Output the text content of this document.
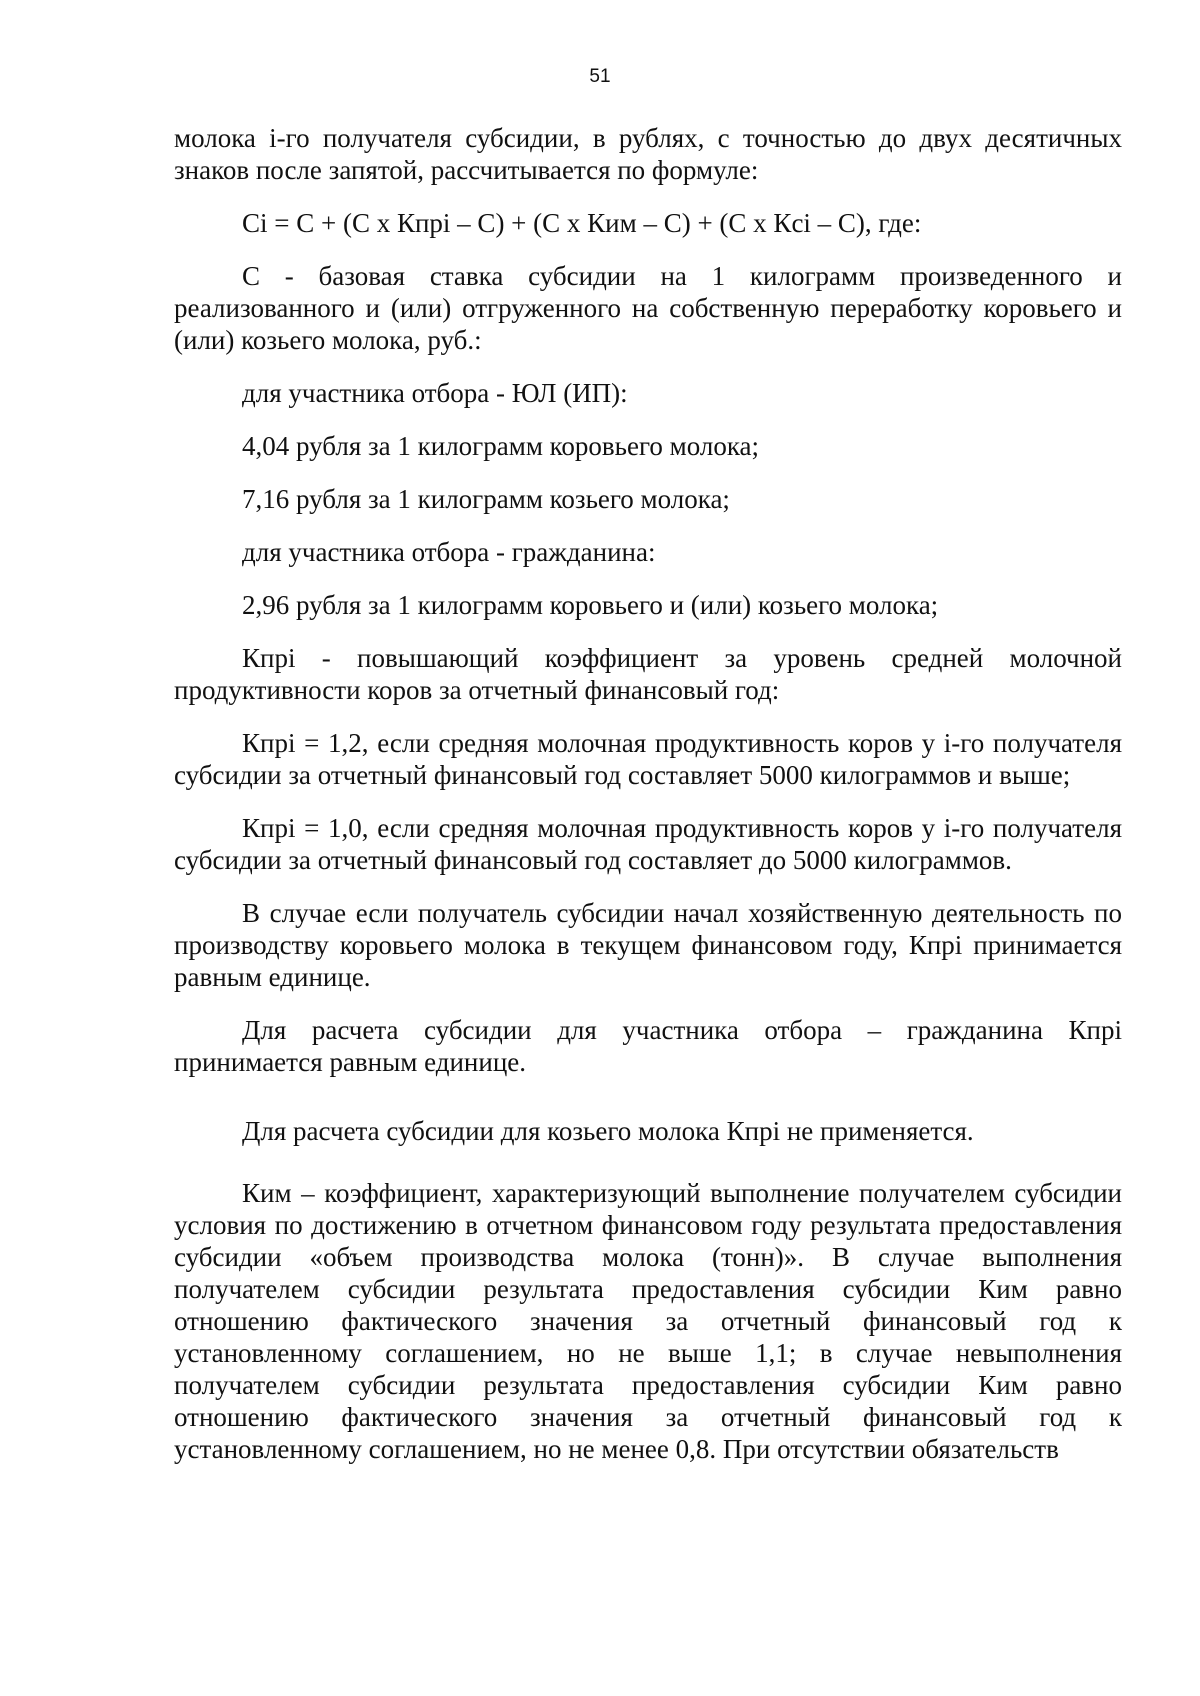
51

молока i-го получателя субсидии, в рублях, с точностью до двух десятичных знаков после запятой, рассчитывается по формуле:

Ci = C + (C x Кпрi – C) + (C x Ким – C) + (C x Кci – C), где:

C - базовая ставка субсидии на 1 килограмм произведенного и реализованного и (или) отгруженного на собственную переработку коровьего и (или) козьего молока, руб.:

для участника отбора - ЮЛ (ИП):

4,04 рубля за 1 килограмм коровьего молока;

7,16 рубля за 1 килограмм козьего молока;

для участника отбора - гражданина:

2,96 рубля за 1 килограмм коровьего и (или) козьего молока;

Кпрi - повышающий коэффициент за уровень средней молочной продуктивности коров за отчетный финансовый год:

Кпрi = 1,2, если средняя молочная продуктивность коров у i-го получателя субсидии за отчетный финансовый год составляет 5000 килограммов и выше;

Кпрi = 1,0, если средняя молочная продуктивность коров у i-го получателя субсидии за отчетный финансовый год составляет до 5000 килограммов.

В случае если получатель субсидии начал хозяйственную деятельность по производству коровьего молока в текущем финансовом году, Кпрi принимается равным единице.

Для расчета субсидии для участника отбора – гражданина Кпрi принимается равным единице.

Для расчета субсидии для козьего молока Кпрi не применяется.

Ким – коэффициент, характеризующий выполнение получателем субсидии условия по достижению в отчетном финансовом году результата предоставления субсидии «объем производства молока (тонн)». В случае выполнения получателем субсидии результата предоставления субсидии Ким равно отношению фактического значения за отчетный финансовый год к установленному соглашением, но не выше 1,1; в случае невыполнения получателем субсидии результата предоставления субсидии Ким равно отношению фактического значения за отчетный финансовый год к установленному соглашением, но не менее 0,8. При отсутствии обязательств
